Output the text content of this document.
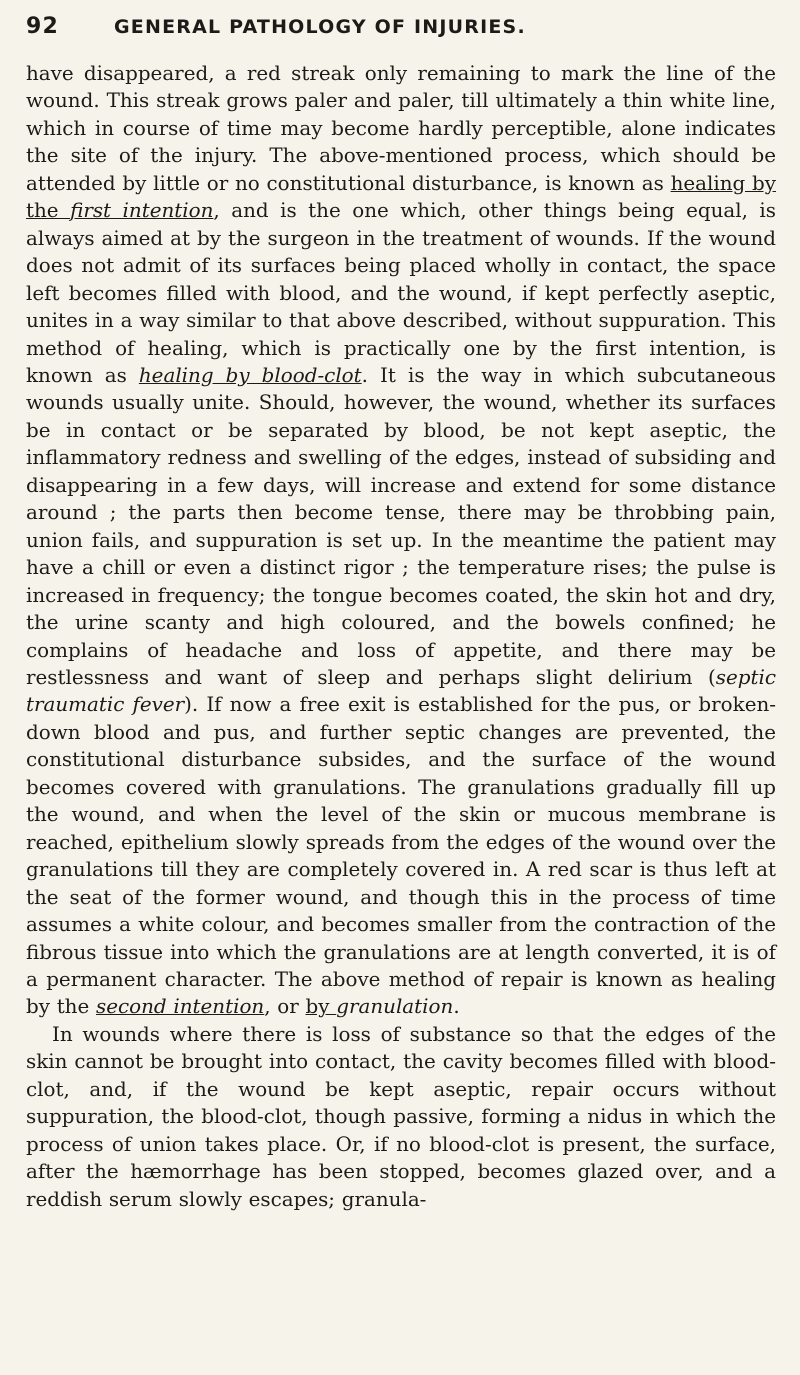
92	GENERAL PATHOLOGY OF INJURIES.

have disappeared, a red streak only remaining to mark the line of the wound. This streak grows paler and paler, till ultimately a thin white line, which in course of time may become hardly perceptible, alone indicates the site of the injury. The above-mentioned process, which should be attended by little or no constitutional disturbance, is known as healing by the first intention, and is the one which, other things being equal, is always aimed at by the surgeon in the treatment of wounds. If the wound does not admit of its surfaces being placed wholly in contact, the space left becomes filled with blood, and the wound, if kept perfectly aseptic, unites in a way similar to that above described, without suppuration. This method of healing, which is practically one by the first intention, is known as healing by blood-clot. It is the way in which subcutaneous wounds usually unite. Should, however, the wound, whether its surfaces be in contact or be separated by blood, be not kept aseptic, the inflammatory redness and swelling of the edges, instead of subsiding and disappearing in a few days, will increase and extend for some distance around ; the parts then become tense, there may be throbbing pain, union fails, and suppuration is set up. In the meantime the patient may have a chill or even a distinct rigor ; the temperature rises; the pulse is increased in frequency; the tongue becomes coated, the skin hot and dry, the urine scanty and high coloured, and the bowels confined; he complains of headache and loss of appetite, and there may be restlessness and want of sleep and perhaps slight delirium (septic traumatic fever). If now a free exit is established for the pus, or broken-down blood and pus, and further septic changes are prevented, the constitutional disturbance subsides, and the surface of the wound becomes covered with granulations. The granulations gradually fill up the wound, and when the level of the skin or mucous membrane is reached, epithelium slowly spreads from the edges of the wound over the granulations till they are completely covered in. A red scar is thus left at the seat of the former wound, and though this in the process of time assumes a white colour, and becomes smaller from the contraction of the fibrous tissue into which the granulations are at length converted, it is of a permanent character. The above method of repair is known as healing by the second intention, or by granulation.

In wounds where there is loss of substance so that the edges of the skin cannot be brought into contact, the cavity becomes filled with blood-clot, and, if the wound be kept aseptic, repair occurs without suppuration, the blood-clot, though passive, forming a nidus in which the process of union takes place. Or, if no blood-clot is present, the surface, after the hæmorrhage has been stopped, becomes glazed over, and a reddish serum slowly escapes; granula-
